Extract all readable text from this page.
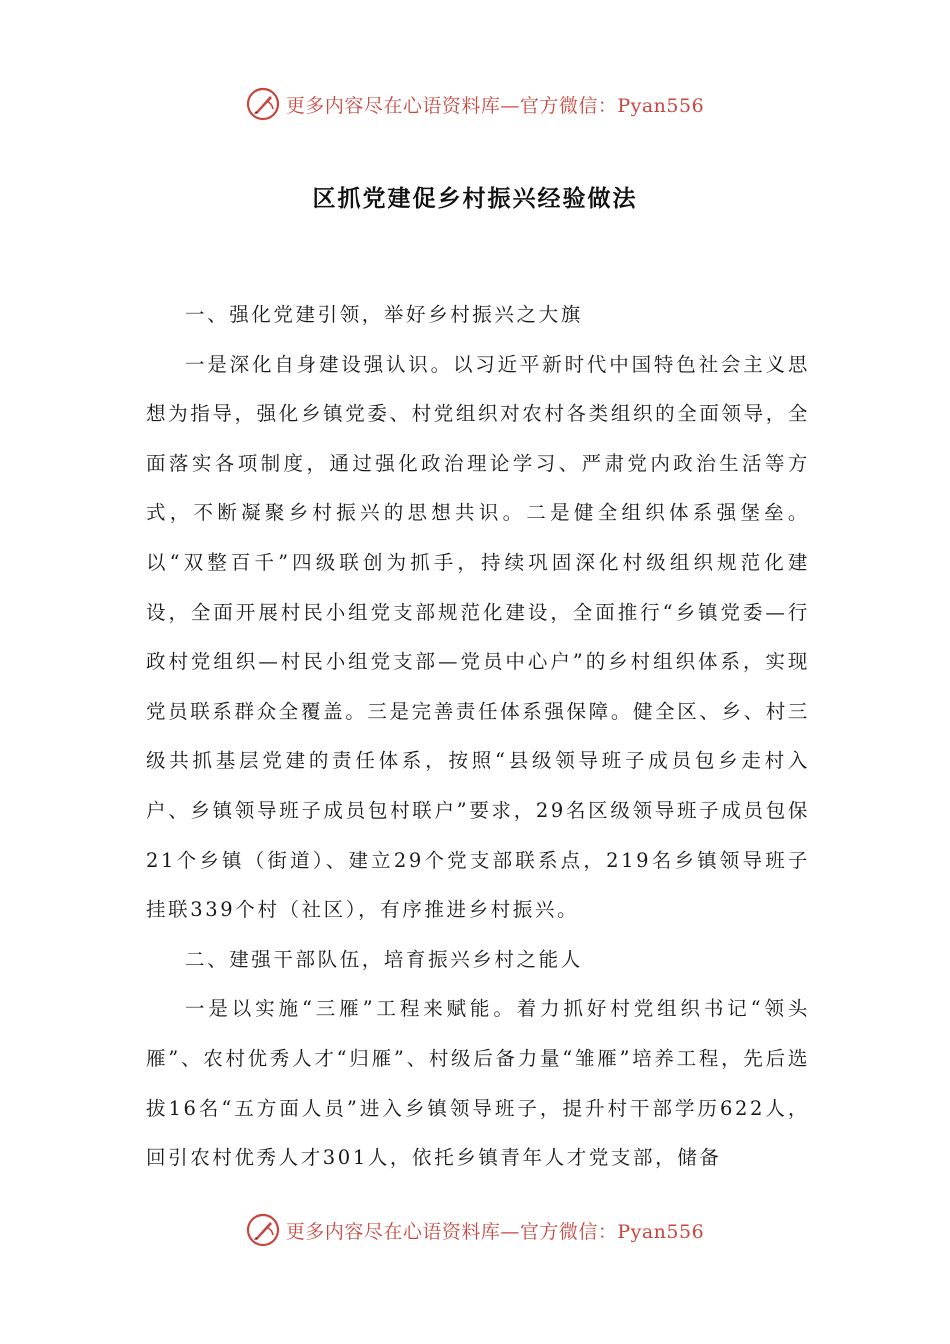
更多内容尽在心语资料库—官方微信：Pyan556
区抓党建促乡村振兴经验做法

一、强化党建引领，举好乡村振兴之大旗

一是深化自身建设强认识。以习近平新时代中国特色社会主义思想为指导，强化乡镇党委、村党组织对农村各类组织的全面领导，全面落实各项制度，通过强化政治理论学习、严肃党内政治生活等方式，不断凝聚乡村振兴的思想共识。二是健全组织体系强堡垒。以“双整百千”四级联创为抓手，持续巩固深化村级组织规范化建设，全面开展村民小组党支部规范化建设，全面推行“乡镇党委—行政村党组织—村民小组党支部—党员中心户”的乡村组织体系，实现党员联系群众全覆盖。三是完善责任体系强保障。健全区、乡、村三级共抓基层党建的责任体系，按照“县级领导班子成员包乡走村入户、乡镇领导班子成员包村联户”要求，29名区级领导班子成员包保21个乡镇（街道）、建立29个党支部联系点，219名乡镇领导班子挂联339个村（社区），有序推进乡村振兴。

二、建强干部队伍，培育振兴乡村之能人

一是以实施“三雁”工程来赋能。着力抓好村党组织书记“领头雁”、农村优秀人才“归雁”、村级后备力量“雏雁”培养工程，先后选拔16名“五方面人员”进入乡镇领导班子，提升村干部学历622人，回引农村优秀人才301人，依托乡镇青年人才党支部，储备

更多内容尽在心语资料库—官方微信：Pyan556
